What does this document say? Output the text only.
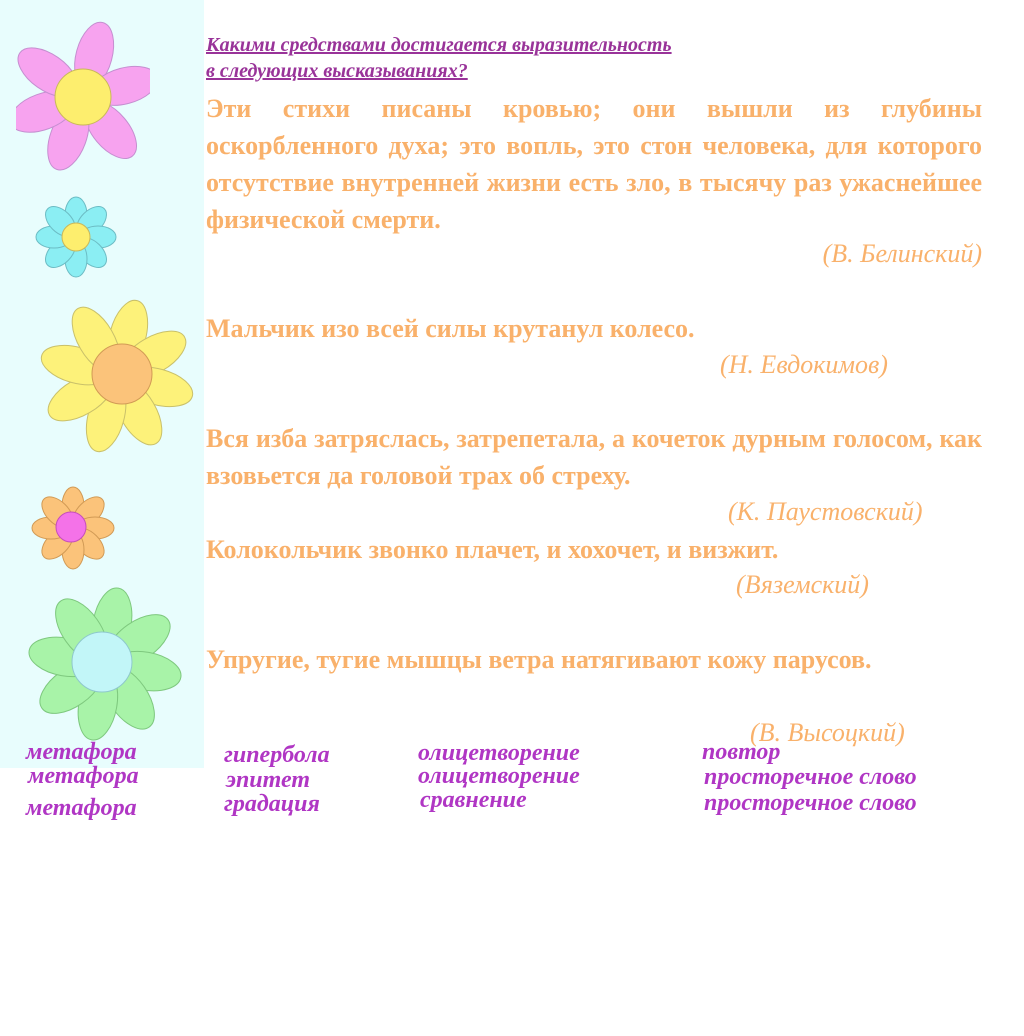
Какими средствами достигается выразительность
в следующих высказываниях?
Эти стихи писаны кровью; они вышли из глубины оскорбленного духа; это вопль, это стон человека, для которого отсутствие внутренней жизни есть зло, в тысячу раз ужаснейшее физической смерти.
(В. Белинский)
Мальчик изо всей силы крутанул колесо.
(Н. Евдокимов)
Вся изба затряслась, затрепетала, а кочеток дурным голосом, как взовьется да головой трах об стреху.
(К. Паустовский)
Колокольчик звонко плачет, и хохочет, и визжит.
(Вяземский)
Упругие, тугие мышцы ветра натягивают кожу парусов.
(В. Высоцкий)
метафора
метафора
метафора
гипербола
эпитет
градация
олицетворение
олицетворение
сравнение
повтор
просторечное слово
просторечное слово
